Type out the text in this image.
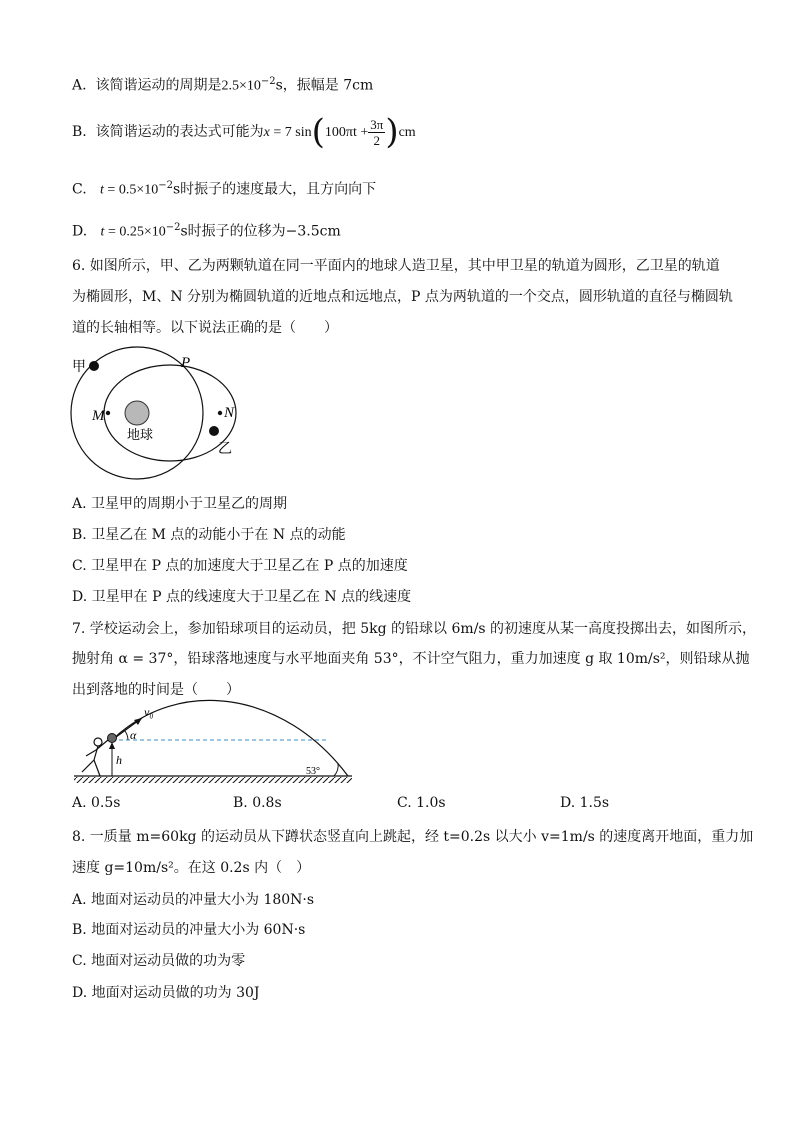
A. 该简谐运动的周期是$2.5\times 10^{-2}s$，振幅是 7cm
B. 该简谐运动的表达式可能为x = 7 $\sin(100\pi t + \frac{3\pi}{2} )cm$
C. $t = 0.5\times 10^{-2}s$时振子的速度最大，且方向向下
D. $t = 0.25\times 10^{-2}s$时振子的位移为−3.5cm
6. 如图所示，甲、乙为两颗轨道在同一平面内的地球人造卫星，其中甲卫星的轨道为圆形，乙卫星的轨道
为椭圆形，M、N 分别为椭圆轨道的近地点和远地点，P 点为两轨道的一个交点，圆形轨道的直径与椭圆轨
道的长轴相等。以下说法正确的是（　　）
甲
乙
P
M	N
地球
A. 卫星甲的周期小于卫星乙的周期
B. 卫星乙在 M 点的动能小于在 N 点的动能
C. 卫星甲在 P 点的加速度大于卫星乙在 P 点的加速度
D. 卫星甲在 P 点的线速度大于卫星乙在 N 点的线速度
7. 学校运动会上，参加铅球项目的运动员，把 5kg 的铅球以 6m/s 的初速度从某一高度投掷出去，如图所示，
抛射角 α = 37°，铅球落地速度与水平地面夹角 53°，不计空气阻力，重力加速度 g 取 10m/s²，则铅球从抛
出到落地的时间是（　　）
v₀
α
h
53°
A. 0.5s	B. 0.8s	C. 1.0s	D. 1.5s
8. 一质量 m=60kg 的运动员从下蹲状态竖直向上跳起，经 t=0.2s 以大小 v=1m/s 的速度离开地面，重力加
速度 g=10m/s²。在这 0.2s 内（　）
A. 地面对运动员的冲量大小为 180N·s
B. 地面对运动员的冲量大小为 60N·s
C. 地面对运动员做的功为零
D. 地面对运动员做的功为 30J
